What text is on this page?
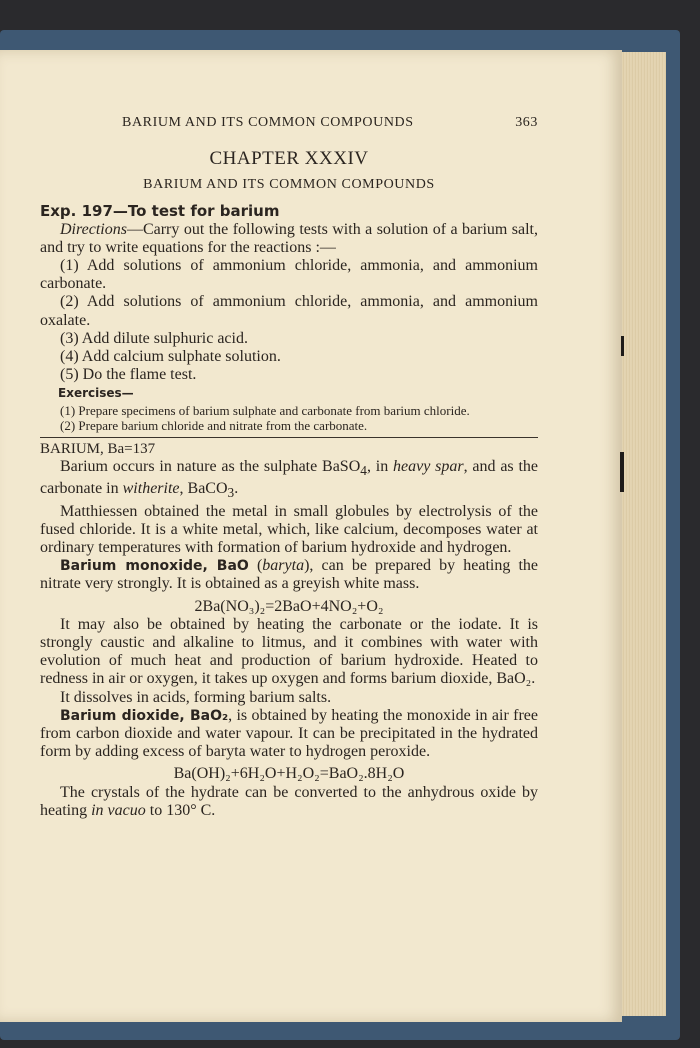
BARIUM AND ITS COMMON COMPOUNDS	363
CHAPTER XXXIV
BARIUM AND ITS COMMON COMPOUNDS
Exp. 197—To test for barium

Directions—Carry out the following tests with a solution of a barium salt, and try to write equations for the reactions :—

(1) Add solutions of ammonium chloride, ammonia, and ammonium carbonate.

(2) Add solutions of ammonium chloride, ammonia, and ammonium oxalate.

(3) Add dilute sulphuric acid.

(4) Add calcium sulphate solution.

(5) Do the flame test.

Exercises—

(1) Prepare specimens of barium sulphate and carbonate from barium chloride.

(2) Prepare barium chloride and nitrate from the carbonate.

BARIUM, Ba=137

Barium occurs in nature as the sulphate BaSO$_4$, in heavy spar, and as the carbonate in witherite, BaCO$_3$.

Matthiessen obtained the metal in small globules by electrolysis of the fused chloride. It is a white metal, which, like calcium, decomposes water at ordinary temperatures with formation of barium hydroxide and hydrogen.

Barium monoxide, BaO (baryta), can be prepared by heating the nitrate very strongly. It is obtained as a greyish white mass.

2Ba(NO₃)₂=2BaO+4NO₂+O₂

It may also be obtained by heating the carbonate or the iodate. It is strongly caustic and alkaline to litmus, and it combines with water with evolution of much heat and production of barium hydroxide. Heated to redness in air or oxygen, it takes up oxygen and forms barium dioxide, BaO₂.

It dissolves in acids, forming barium salts.

Barium dioxide, BaO₂, is obtained by heating the monoxide in air free from carbon dioxide and water vapour. It can be precipitated in the hydrated form by adding excess of baryta water to hydrogen peroxide.

Ba(OH)₂+6H₂O+H₂O₂=BaO₂.8H₂O

The crystals of the hydrate can be converted to the anhydrous oxide by heating in vacuo to 130° C.
